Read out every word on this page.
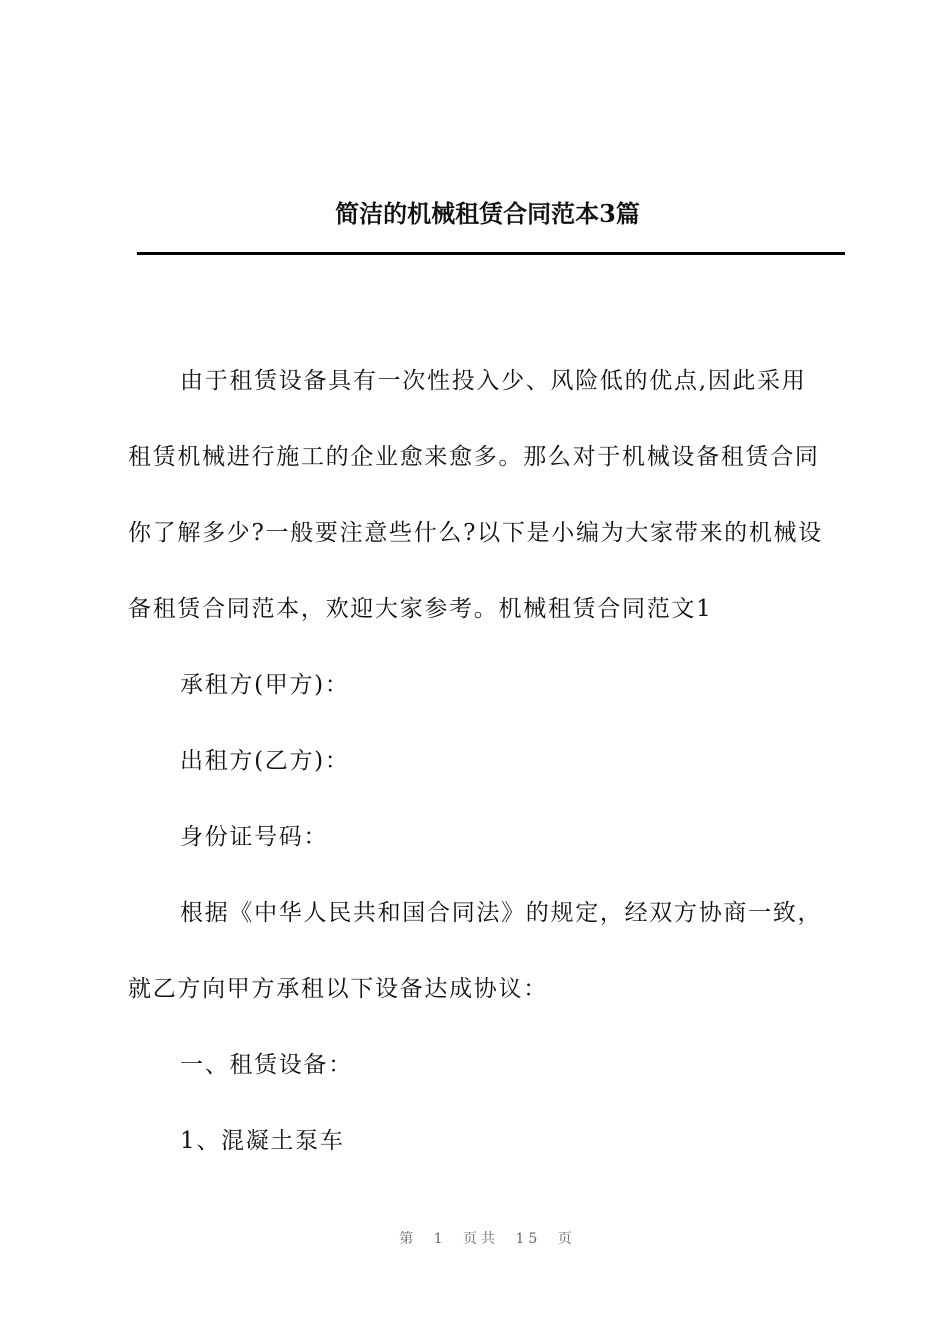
简洁的机械租赁合同范本3篇

由于租赁设备具有一次性投入少、风险低的优点,因此采用
租赁机械进行施工的企业愈来愈多。那么对于机械设备租赁合同
你了解多少?一般要注意些什么?以下是小编为大家带来的机械设
备租赁合同范本，欢迎大家参考。机械租赁合同范文1

承租方(甲方)：

出租方(乙方)：

身份证号码：

根据《中华人民共和国合同法》的规定，经双方协商一致，
就乙方向甲方承租以下设备达成协议：

一、租赁设备：

1、混凝土泵车

第 1 页共 15 页
